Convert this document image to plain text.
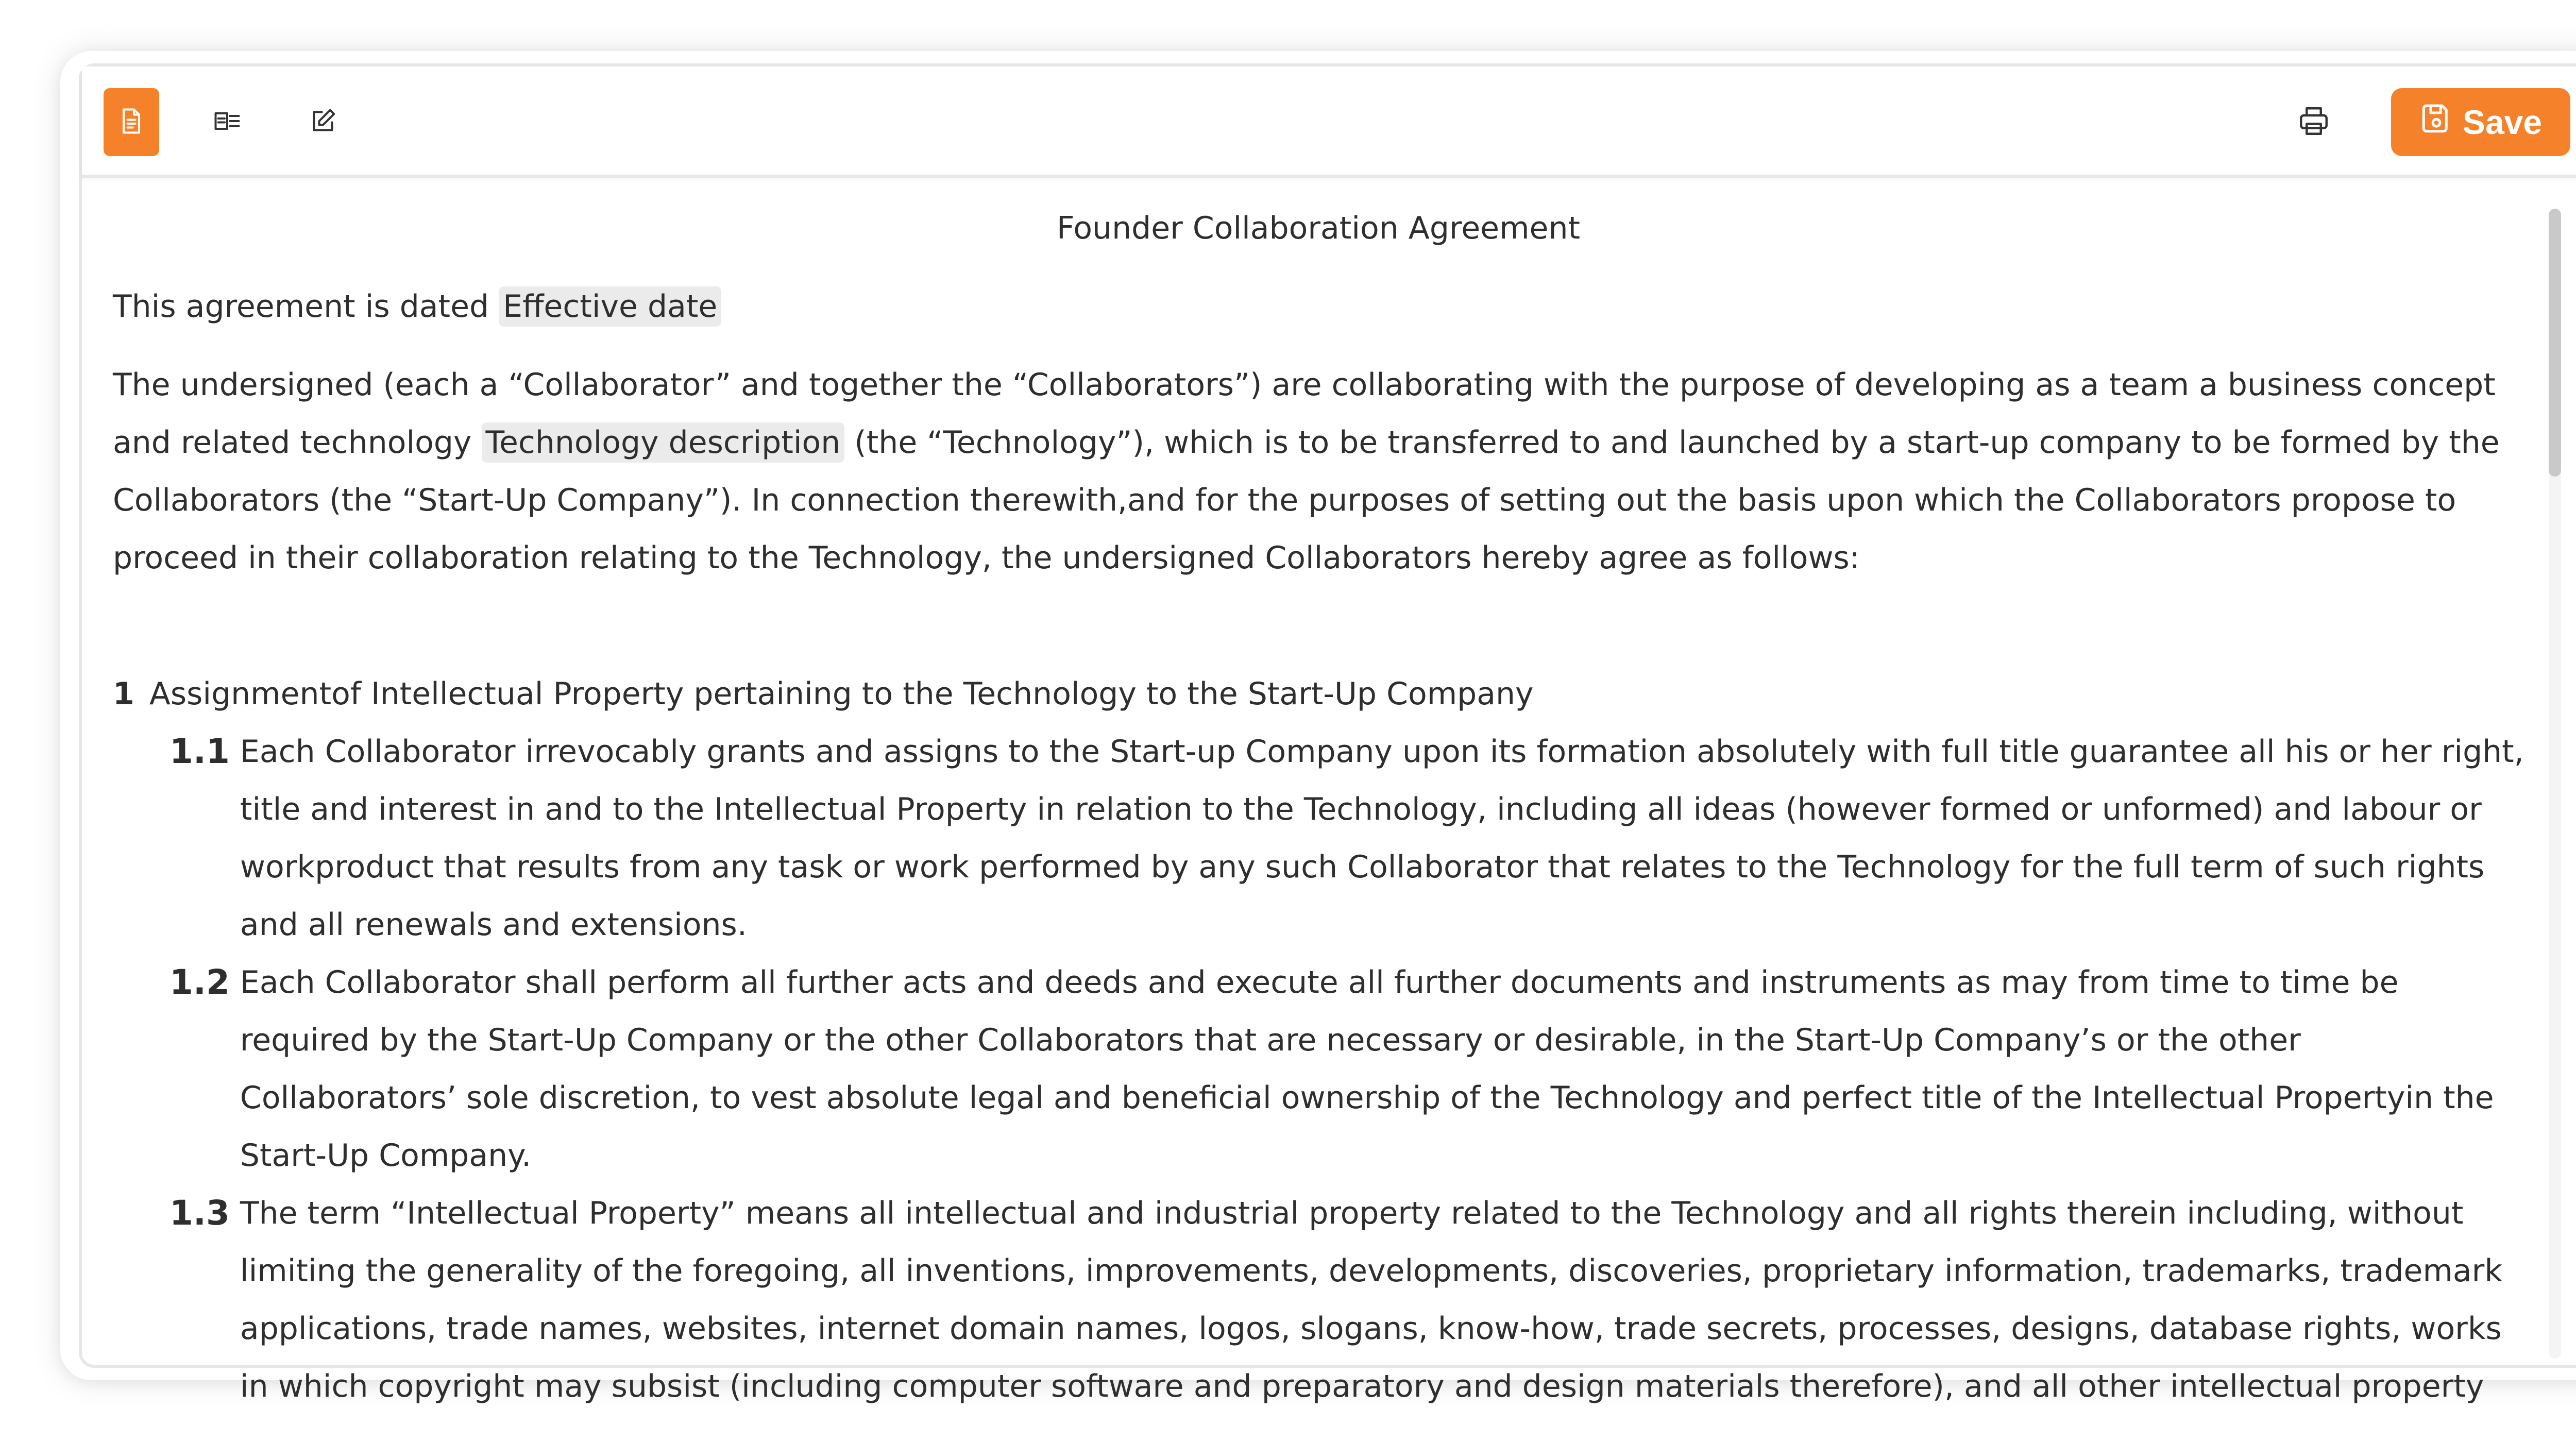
Save
Founder Collaboration Agreement
This agreement is dated Effective date
The undersigned (each a “Collaborator” and together the “Collaborators”) are collaborating with the purpose of developing as a team a business concept and related technology Technology description (the “Technology”), which is to be transferred to and launched by a start-up company to be formed by the Collaborators (the “Start-Up Company”). In connection therewith,and for the purposes of setting out the basis upon which the Collaborators propose to proceed in their collaboration relating to the Technology, the undersigned Collaborators hereby agree as follows:
1 Assignmentof Intellectual Property pertaining to the Technology to the Start-Up Company
1.1 Each Collaborator irrevocably grants and assigns to the Start-up Company upon its formation absolutely with full title guarantee all his or her right, title and interest in and to the Intellectual Property in relation to the Technology, including all ideas (however formed or unformed) and labour or workproduct that results from any task or work performed by any such Collaborator that relates to the Technology for the full term of such rights and all renewals and extensions.
1.2 Each Collaborator shall perform all further acts and deeds and execute all further documents and instruments as may from time to time be required by the Start-Up Company or the other Collaborators that are necessary or desirable, in the Start-Up Company’s or the other Collaborators’ sole discretion, to vest absolute legal and beneficial ownership of the Technology and perfect title of the Intellectual Propertyin the Start-Up Company.
1.3 The term “Intellectual Property” means all intellectual and industrial property related to the Technology and all rights therein including, without limiting the generality of the foregoing, all inventions, improvements, developments, discoveries, proprietary information, trademarks, trademark applications, trade names, websites, internet domain names, logos, slogans, know-how, trade secrets, processes, designs, database rights, works in which copyright may subsist (including computer software and preparatory and design materials therefore), and all other intellectual property
